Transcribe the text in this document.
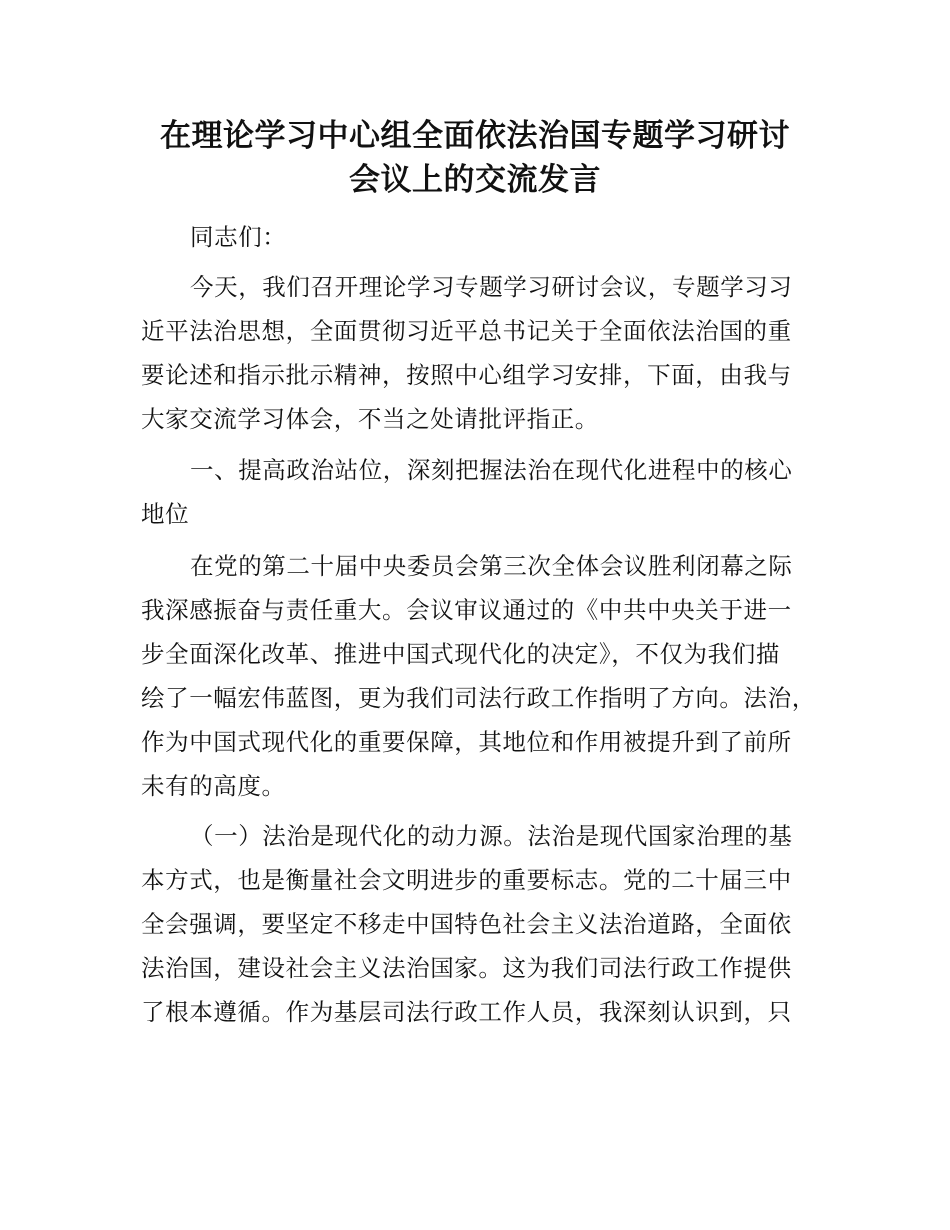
在理论学习中心组全面依法治国专题学习研讨
会议上的交流发言
同志们：
今天，我们召开理论学习专题学习研讨会议，专题学习习
近平法治思想，全面贯彻习近平总书记关于全面依法治国的重
要论述和指示批示精神，按照中心组学习安排，下面，由我与
大家交流学习体会，不当之处请批评指正。
一、提高政治站位，深刻把握法治在现代化进程中的核心
地位
在党的第二十届中央委员会第三次全体会议胜利闭幕之际
我深感振奋与责任重大。会议审议通过的《中共中央关于进一
步全面深化改革、推进中国式现代化的决定》，不仅为我们描
绘了一幅宏伟蓝图，更为我们司法行政工作指明了方向。法治，
作为中国式现代化的重要保障，其地位和作用被提升到了前所
未有的高度。
（一）法治是现代化的动力源。法治是现代国家治理的基
本方式，也是衡量社会文明进步的重要标志。党的二十届三中
全会强调，要坚定不移走中国特色社会主义法治道路，全面依
法治国，建设社会主义法治国家。这为我们司法行政工作提供
了根本遵循。作为基层司法行政工作人员，我深刻认识到，只
